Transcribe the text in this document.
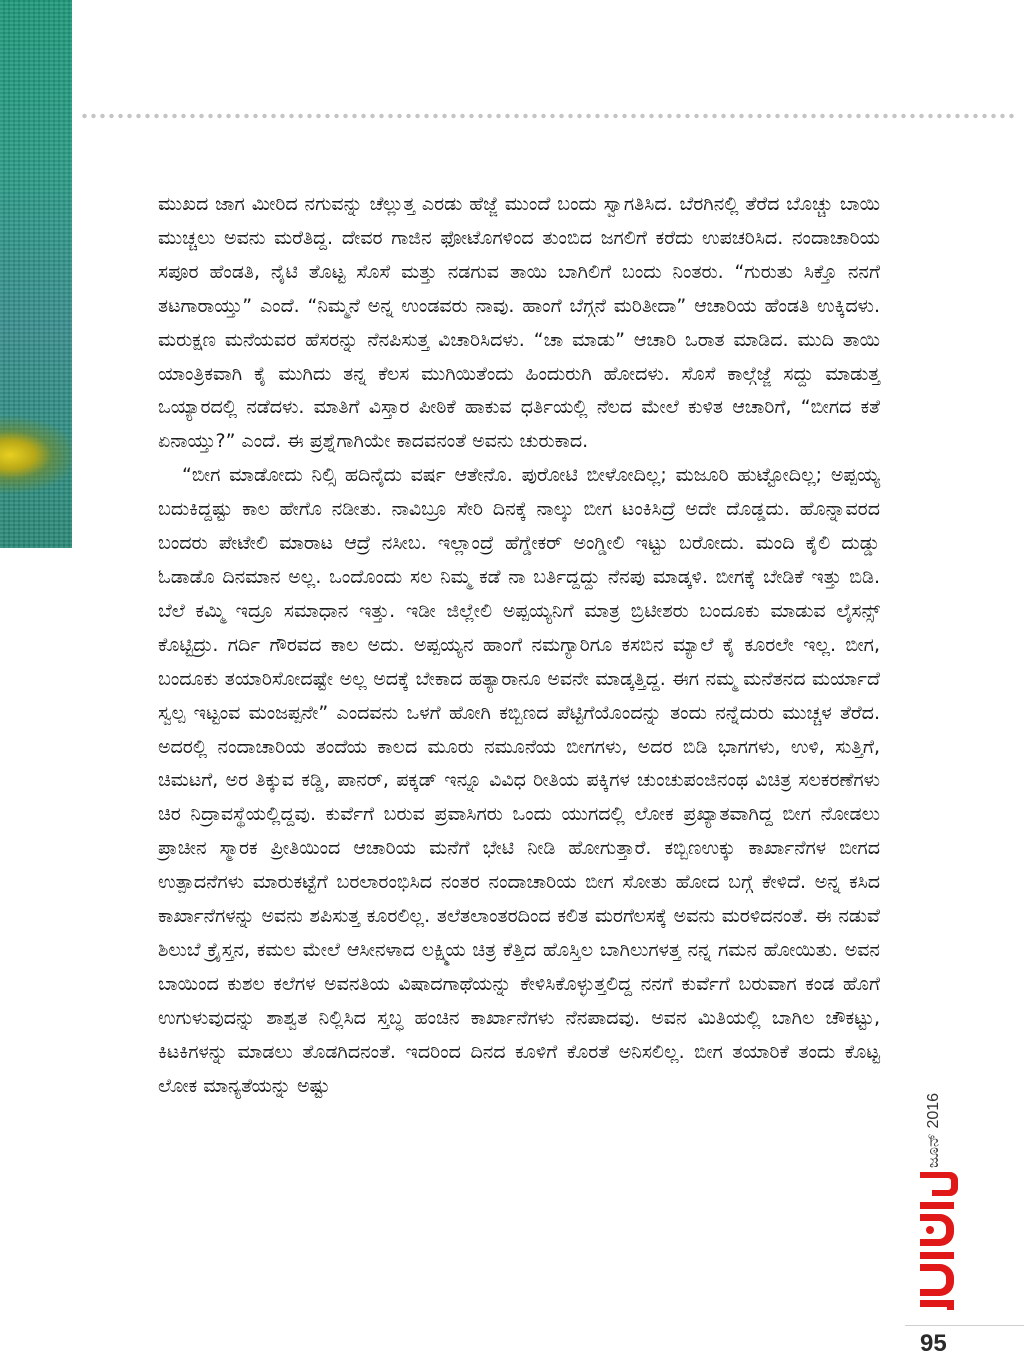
ಮುಖದ ಜಾಗ ಮೀರಿದ ನಗುವನ್ನು ಚೆಲ್ಲುತ್ತ ಎರಡು ಹೆಜ್ಜೆ ಮುಂದೆ ಬಂದು ಸ್ವಾಗತಿಸಿದ. ಬೆರಗಿನಲ್ಲಿ ತೆರೆದ ಬೊಚ್ಚು ಬಾಯಿ ಮುಚ್ಚಲು ಅವನು ಮರೆತಿದ್ದ. ದೇವರ ಗಾಜಿನ ಫೋಟೊಗಳಿಂದ ತುಂಬಿದ ಜಗಲಿಗೆ ಕರೆದು ಉಪಚರಿಸಿದ. ನಂದಾಚಾರಿಯ ಸಪೂರ ಹೆಂಡತಿ, ನೈಟಿ ತೊಟ್ಟ ಸೊಸೆ ಮತ್ತು ನಡಗುವ ತಾಯಿ ಬಾಗಿಲಿಗೆ ಬಂದು ನಿಂತರು. “ಗುರುತು ಸಿಕ್ತೊ ನನಗೆ ತಟಗಾರಾಯ್ತು” ಎಂದೆ. “ನಿಮ್ಮನೆ ಅನ್ನ ಉಂಡವರು ನಾವು. ಹಾಂಗೆ ಬೆಗ್ಗನೆ ಮರಿತೀದಾ” ಆಚಾರಿಯ ಹೆಂಡತಿ ಉಕ್ಕಿದಳು. ಮರುಕ್ಷಣ ಮನೆಯವರ ಹೆಸರನ್ನು ನೆನಪಿಸುತ್ತ ವಿಚಾರಿಸಿದಳು. “ಚಾ ಮಾಡು” ಆಚಾರಿ ಒರಾತ ಮಾಡಿದ. ಮುದಿ ತಾಯಿ ಯಾಂತ್ರಿಕವಾಗಿ ಕೈ ಮುಗಿದು ತನ್ನ ಕೆಲಸ ಮುಗಿಯಿತೆಂದು ಹಿಂದುರುಗಿ ಹೋದಳು. ಸೊಸೆ ಕಾಲ್ಗೆಜ್ಜೆ ಸದ್ದು ಮಾಡುತ್ತ ಒಯ್ಯಾರದಲ್ಲಿ ನಡೆದಳು. ಮಾತಿಗೆ ವಿಸ್ತಾರ ಪೀಠಿಕೆ ಹಾಕುವ ಧರ್ತಿಯಲ್ಲಿ ನೆಲದ ಮೇಲೆ ಕುಳಿತ ಆಚಾರಿಗೆ, “ಬೀಗದ ಕತೆ ಏನಾಯ್ತು?” ಎಂದೆ. ಈ ಪ್ರಶ್ನೆಗಾಗಿಯೇ ಕಾದವನಂತೆ ಅವನು ಚುರುಕಾದ.

“ಬೀಗ ಮಾಡೋದು ನಿಲ್ಸಿ ಹದಿನೈದು ವರ್ಷ ಆತೇನೊ. ಪುರೋಟಿ ಬೀಳೋದಿಲ್ಲ; ಮಜೂರಿ ಹುಟ್ಟೋದಿಲ್ಲ; ಅಪ್ಪಯ್ಯ ಬದುಕಿದ್ದಷ್ಟು ಕಾಲ ಹೇಗೊ ನಡೀತು. ನಾವಿಬ್ರೂ ಸೇರಿ ದಿನಕ್ಕೆ ನಾಲ್ಕು ಬೀಗ ಟಂಕಿಸಿದ್ರೆ ಅದೇ ದೊಡ್ಡದು. ಹೊನ್ನಾವರದ ಬಂದರು ಪೇಟೇಲಿ ಮಾರಾಟ ಆದ್ರೆ ನಸೀಬ. ಇಲ್ಲಾಂದ್ರೆ ಹೆಗ್ಡೇಕರ್ ಅಂಗ್ಡೀಲಿ ಇಟ್ಟು ಬರೋದು. ಮಂದಿ ಕೈಲಿ ದುಡ್ಡು ಓಡಾಡೊ ದಿನಮಾನ ಅಲ್ಲ. ಒಂದೊಂದು ಸಲ ನಿಮ್ಮ ಕಡೆ ನಾ ಬರ್ತಿದ್ದದ್ದು ನೆನಪು ಮಾಡ್ಕಳಿ. ಬೀಗಕ್ಕೆ ಬೇಡಿಕೆ ಇತ್ತು ಬಿಡಿ. ಬೆಲೆ ಕಮ್ಮಿ ಇದ್ರೂ ಸಮಾಧಾನ ಇತ್ತು. ಇಡೀ ಜಿಲ್ಲೇಲಿ ಅಪ್ಪಯ್ಯನಿಗೆ ಮಾತ್ರ ಬ್ರಿಟೀಶರು ಬಂದೂಕು ಮಾಡುವ ಲೈಸನ್ಸ್ ಕೊಟ್ಟಿದ್ರು. ಗರ್ದಿ ಗೌರವದ ಕಾಲ ಅದು. ಅಪ್ಪಯ್ಯನ ಹಾಂಗೆ ನಮಗ್ಯಾರಿಗೂ ಕಸಬಿನ ಮ್ಯಾಲೆ ಕೈ ಕೂರಲೇ ಇಲ್ಲ. ಬೀಗ, ಬಂದೂಕು ತಯಾರಿಸೋದಷ್ಟೇ ಅಲ್ಲ ಅದಕ್ಕೆ ಬೇಕಾದ ಹತ್ಯಾರಾನೂ ಅವನೇ ಮಾಡ್ಕತ್ತಿದ್ದ. ಈಗ ನಮ್ಮ ಮನೆತನದ ಮರ್ಯಾದೆ ಸ್ವಲ್ಪ ಇಟ್ಟಂವ ಮಂಜಪ್ಪನೇ” ಎಂದವನು ಒಳಗೆ ಹೋಗಿ ಕಬ್ಬಿಣದ ಪೆಟ್ಟಿಗೆಯೊಂದನ್ನು ತಂದು ನನ್ನೆದುರು ಮುಚ್ಚಳ ತೆರೆದ. ಅದರಲ್ಲಿ ನಂದಾಚಾರಿಯ ತಂದೆಯ ಕಾಲದ ಮೂರು ನಮೂನೆಯ ಬೀಗಗಳು, ಅದರ ಬಿಡಿ ಭಾಗಗಳು, ಉಳಿ, ಸುತ್ತಿಗೆ, ಚಿಮಟಗೆ, ಅರ ತಿಕ್ಕುವ ಕಡ್ಡಿ, ಪಾನರ್, ಪಕ್ಕಡ್ ಇನ್ನೂ ವಿವಿಧ ರೀತಿಯ ಪಕ್ಕಿಗಳ ಚುಂಚುಪಂಜಿನಂಥ ವಿಚಿತ್ರ ಸಲಕರಣೆಗಳು ಚಿರ ನಿದ್ರಾವಸ್ಥೆಯಲ್ಲಿದ್ದವು. ಕುರ್ವೆಗೆ ಬರುವ ಪ್ರವಾಸಿಗರು ಒಂದು ಯುಗದಲ್ಲಿ ಲೋಕ ಪ್ರಖ್ಯಾತವಾಗಿದ್ದ ಬೀಗ ನೋಡಲು ಪ್ರಾಚೀನ ಸ್ಮಾರಕ ಪ್ರೀತಿಯಿಂದ ಆಚಾರಿಯ ಮನೆಗೆ ಭೇಟಿ ನೀಡಿ ಹೋಗುತ್ತಾರೆ. ಕಬ್ಬಿಣಉಕ್ಕು ಕಾರ್ಖಾನೆಗಳ ಬೀಗದ ಉತ್ಪಾದನೆಗಳು ಮಾರುಕಟ್ಟೆಗೆ ಬರಲಾರಂಭಿಸಿದ ನಂತರ ನಂದಾಚಾರಿಯ ಬೀಗ ಸೋತು ಹೋದ ಬಗ್ಗೆ ಕೇಳಿದೆ. ಅನ್ನ ಕಸಿದ ಕಾರ್ಖಾನೆಗಳನ್ನು ಅವನು ಶಪಿಸುತ್ತ ಕೂರಲಿಲ್ಲ. ತಲೆತಲಾಂತರದಿಂದ ಕಲಿತ ಮರಗೆಲಸಕ್ಕೆ ಅವನು ಮರಳಿದನಂತೆ. ಈ ನಡುವೆ ಶಿಲುಬೆ ಕ್ರೈಸ್ತನ, ಕಮಲ ಮೇಲೆ ಆಸೀನಳಾದ ಲಕ್ಷ್ಮಿಯ ಚಿತ್ರ ಕೆತ್ತಿದ ಹೊಸ್ತಿಲ ಬಾಗಿಲುಗಳತ್ತ ನನ್ನ ಗಮನ ಹೋಯಿತು. ಅವನ ಬಾಯಿಂದ ಕುಶಲ ಕಲೆಗಳ ಅವನತಿಯ ವಿಷಾದಗಾಥೆಯನ್ನು ಕೇಳಿಸಿಕೊಳ್ಳುತ್ತಲಿದ್ದ ನನಗೆ ಕುರ್ವೆಗೆ ಬರುವಾಗ ಕಂಡ ಹೊಗೆ ಉಗುಳುವುದನ್ನು ಶಾಶ್ವತ ನಿಲ್ಲಿಸಿದ ಸ್ತಬ್ಧ ಹಂಚಿನ ಕಾರ್ಖಾನೆಗಳು ನೆನಪಾದವು. ಅವನ ಮಿತಿಯಲ್ಲಿ ಬಾಗಿಲ ಚೌಕಟ್ಟು, ಕಿಟಕಿಗಳನ್ನು ಮಾಡಲು ತೊಡಗಿದನಂತೆ. ಇದರಿಂದ ದಿನದ ಕೂಳಿಗೆ ಕೊರತೆ ಅನಿಸಲಿಲ್ಲ. ಬೀಗ ತಯಾರಿಕೆ ತಂದು ಕೊಟ್ಟ ಲೋಕ ಮಾನ್ಯತೆಯನ್ನು ಅಷ್ಟು

ಜೂನ್ 2016
95
